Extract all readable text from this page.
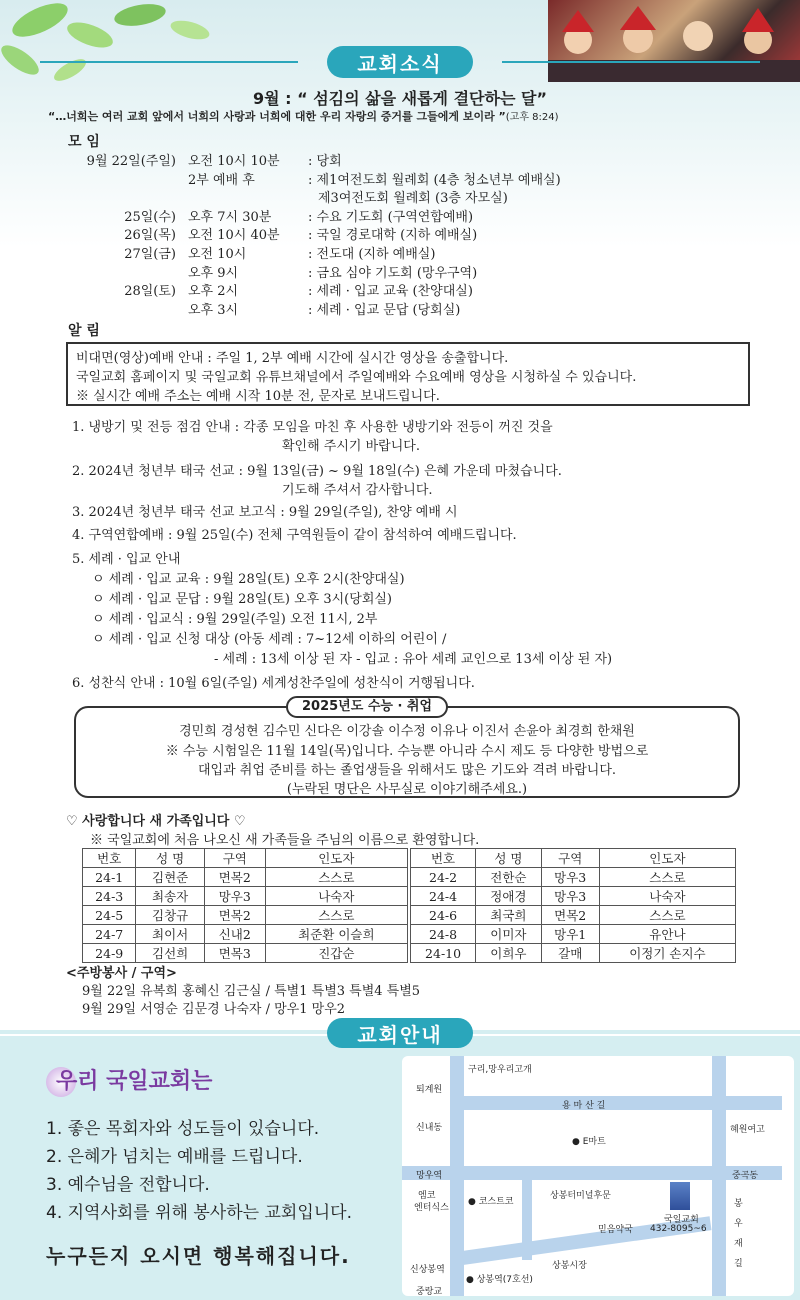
교회소식
9월 : “ 섬김의 삶을 새롭게 결단하는 달”
“…너희는 여러 교회 앞에서 너희의 사랑과 너희에 대한 우리 자랑의 증거를 그들에게 보이라 ”(고후 8:24)
모 임
9월 22일(주일) 오전 10시 10분 : 당회
2부 예배 후	: 제1여전도회 월례회 (4층 청소년부 예배실)
제3여전도회 월례회 (3층 자모실)
25일(수) 오후 7시 30분	: 수요 기도회 (구역연합예배)
26일(목) 오전 10시 40분 : 국일 경로대학 (지하 예배실)
27일(금) 오전 10시	: 전도대 (지하 예배실)
오후 9시	: 금요 심야 기도회 (망우구역)
28일(토) 오후 2시	: 세례 · 입교 교육 (찬양대실)
오후 3시	: 세례 · 입교 문답 (당회실)
알 림
비대면(영상)예배 안내 : 주일 1, 2부 예배 시간에 실시간 영상을 송출합니다.
국일교회 홈페이지 및 국일교회 유튜브채널에서 주일예배와 수요예배 영상을 시청하실 수 있습니다.
※ 실시간 예배 주소는 예배 시작 10분 전, 문자로 보내드립니다.
1. 냉방기 및 전등 점검 안내 : 각종 모임을 마친 후 사용한 냉방기와 전등이 꺼진 것을
확인해 주시기 바랍니다.
2. 2024년 청년부 태국 선교 : 9월 13일(금) ~ 9월 18일(수) 은혜 가운데 마쳤습니다.
기도해 주셔서 감사합니다.
3. 2024년 청년부 태국 선교 보고식 : 9월 29일(주일), 찬양 예배 시
4. 구역연합예배 : 9월 25일(수) 전체 구역원들이 같이 참석하여 예배드립니다.
5. 세례 · 입교 안내
ㅇ 세례 · 입교 교육 : 9월 28일(토) 오후 2시(찬양대실)
ㅇ 세례 · 입교 문답 : 9월 28일(토) 오후 3시(당회실)
ㅇ 세례 · 입교식 : 9월 29일(주일) 오전 11시, 2부
ㅇ 세례 · 입교 신청 대상 (아동 세례 : 7~12세 이하의 어린이 /
- 세례 : 13세 이상 된 자 - 입교 : 유아 세례 교인으로 13세 이상 된 자)
6. 성찬식 안내 : 10월 6일(주일) 세계성찬주일에 성찬식이 거행됩니다.
경민희 경성현 김수민 신다은 이강솔 이수정 이유나 이진서 손윤아 최경희 한채원
※ 수능 시험일은 11월 14일(목)입니다. 수능뿐 아니라 수시 제도 등 다양한 방법으로
대입과 취업 준비를 하는 졸업생들을 위해서도 많은 기도와 격려 바랍니다.
(누락된 명단은 사무실로 이야기해주세요.)
2025년도 수능 · 취업
♡ 사랑합니다 새 가족입니다 ♡
※ 국일교회에 처음 나오신 새 가족들을 주님의 이름으로 환영합니다.
번호	성 명	구역	인도자
24-1	김현준	면목2	스스로
24-3	최송자	망우3	나숙자
24-5	김창규	면목2	스스로
24-7	최이서	신내2	최준환 이슬희
24-9	김선희	면목3	진갑순
번호	성 명	구역	인도자
24-2	전한순	망우3	스스로
24-4	정애경	망우3	나숙자
24-6	최국희	면목2	스스로
24-8	이미자	망우1	유안나
24-10	이희우	갈매	이정기 손지수
<주방봉사 / 구역>
9월 22일 유복희 홍혜신 김근실 / 특별1 특별3 특별4 특별5
9월 29일 서영순 김문경 나숙자 / 망우1 망우2
교회안내
우리 국일교회는
1. 좋은 목회자와 성도들이 있습니다.
2. 은혜가 넘치는 예배를 드립니다.
3. 예수님을 전합니다.
4. 지역사회를 위해 봉사하는 교회입니다.
누구든지 오시면 행복해집니다.
구리,망우리고개
퇴계원
용 마 산 길
신내동
● E마트
혜원여고
망우역	중곡동
엠코
엔터식스
● 코스트코
상봉터미널후문
국일교회
432-8095~6
믿음약국
봉
우
재
길
신상봉역	상봉시장
● 상봉역(7호선)
중랑교
